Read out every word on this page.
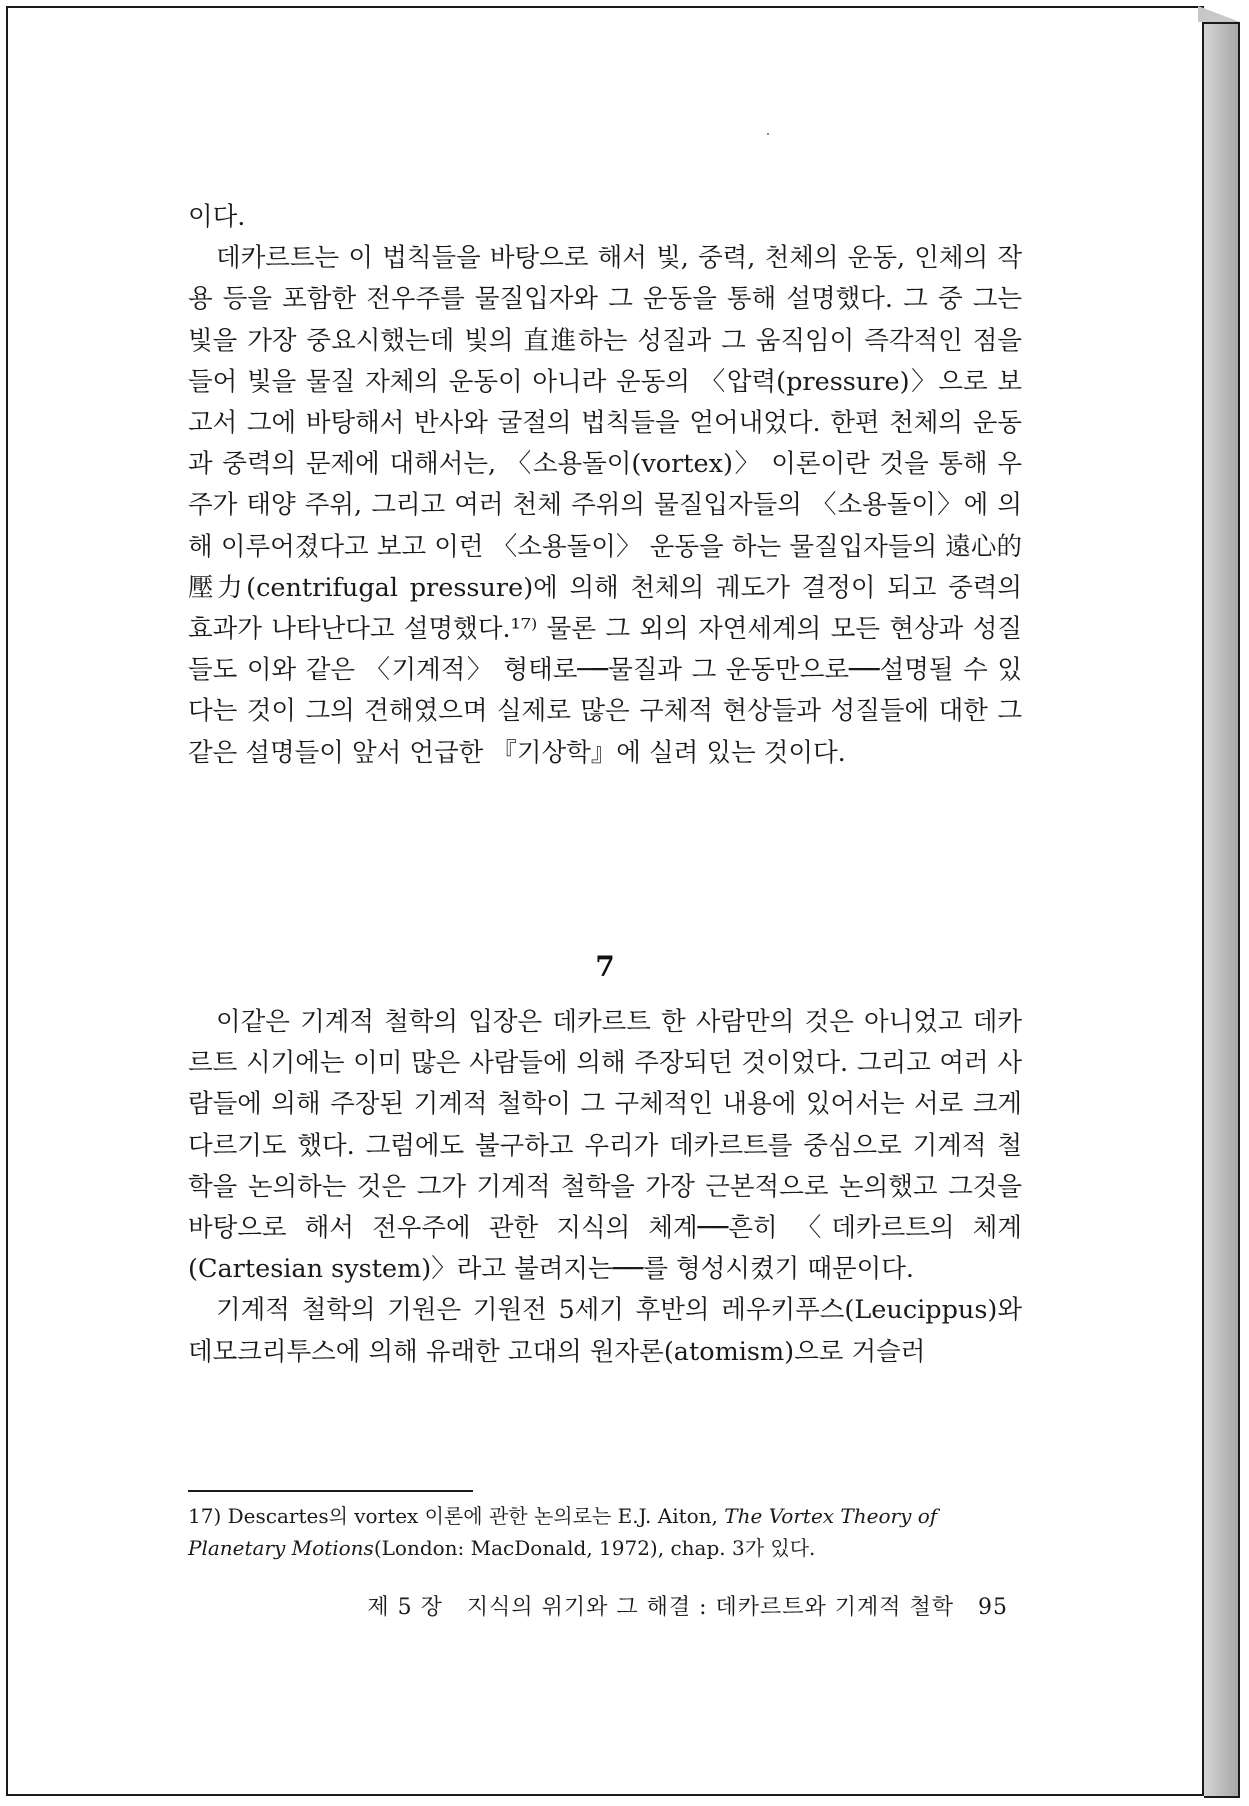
이다.

데카르트는 이 법칙들을 바탕으로 해서 빛, 중력, 천체의 운동, 인체의 작용 등을 포함한 전우주를 물질입자와 그 운동을 통해 설명했다. 그 중 그는 빛을 가장 중요시했는데 빛의 直進하는 성질과 그 움직임이 즉각적인 점을 들어 빛을 물질 자체의 운동이 아니라 운동의 〈압력(pressure)〉으로 보고서 그에 바탕해서 반사와 굴절의 법칙들을 얻어내었다. 한편 천체의 운동과 중력의 문제에 대해서는, 〈소용돌이(vortex)〉 이론이란 것을 통해 우주가 태양 주위, 그리고 여러 천체 주위의 물질입자들의 〈소용돌이〉에 의해 이루어졌다고 보고 이런 〈소용돌이〉 운동을 하는 물질입자들의 遠心的 壓力(centrifugal pressure)에 의해 천체의 궤도가 결정이 되고 중력의 효과가 나타난다고 설명했다.¹⁷⁾ 물론 그 외의 자연세계의 모든 현상과 성질들도 이와 같은 〈기계적〉 형태로──물질과 그 운동만으로──설명될 수 있다는 것이 그의 견해였으며 실제로 많은 구체적 현상들과 성질들에 대한 그 같은 설명들이 앞서 언급한 『기상학』에 실려 있는 것이다.

7

이같은 기계적 철학의 입장은 데카르트 한 사람만의 것은 아니었고 데카르트 시기에는 이미 많은 사람들에 의해 주장되던 것이었다. 그리고 여러 사람들에 의해 주장된 기계적 철학이 그 구체적인 내용에 있어서는 서로 크게 다르기도 했다. 그럼에도 불구하고 우리가 데카르트를 중심으로 기계적 철학을 논의하는 것은 그가 기계적 철학을 가장 근본적으로 논의했고 그것을 바탕으로 해서 전우주에 관한 지식의 체계──흔히 〈데카르트의 체계(Cartesian system)〉라고 불려지는──를 형성시켰기 때문이다.

기계적 철학의 기원은 기원전 5세기 후반의 레우키푸스(Leucippus)와 데모크리투스에 의해 유래한 고대의 원자론(atomism)으로 거슬러

17) Descartes의 vortex 이론에 관한 논의로는 E.J. Aiton, The Vortex Theory of Planetary Motions(London: MacDonald, 1972), chap. 3가 있다.
제 5 장 지식의 위기와 그 해결 : 데카르트와 기계적 철학 95
